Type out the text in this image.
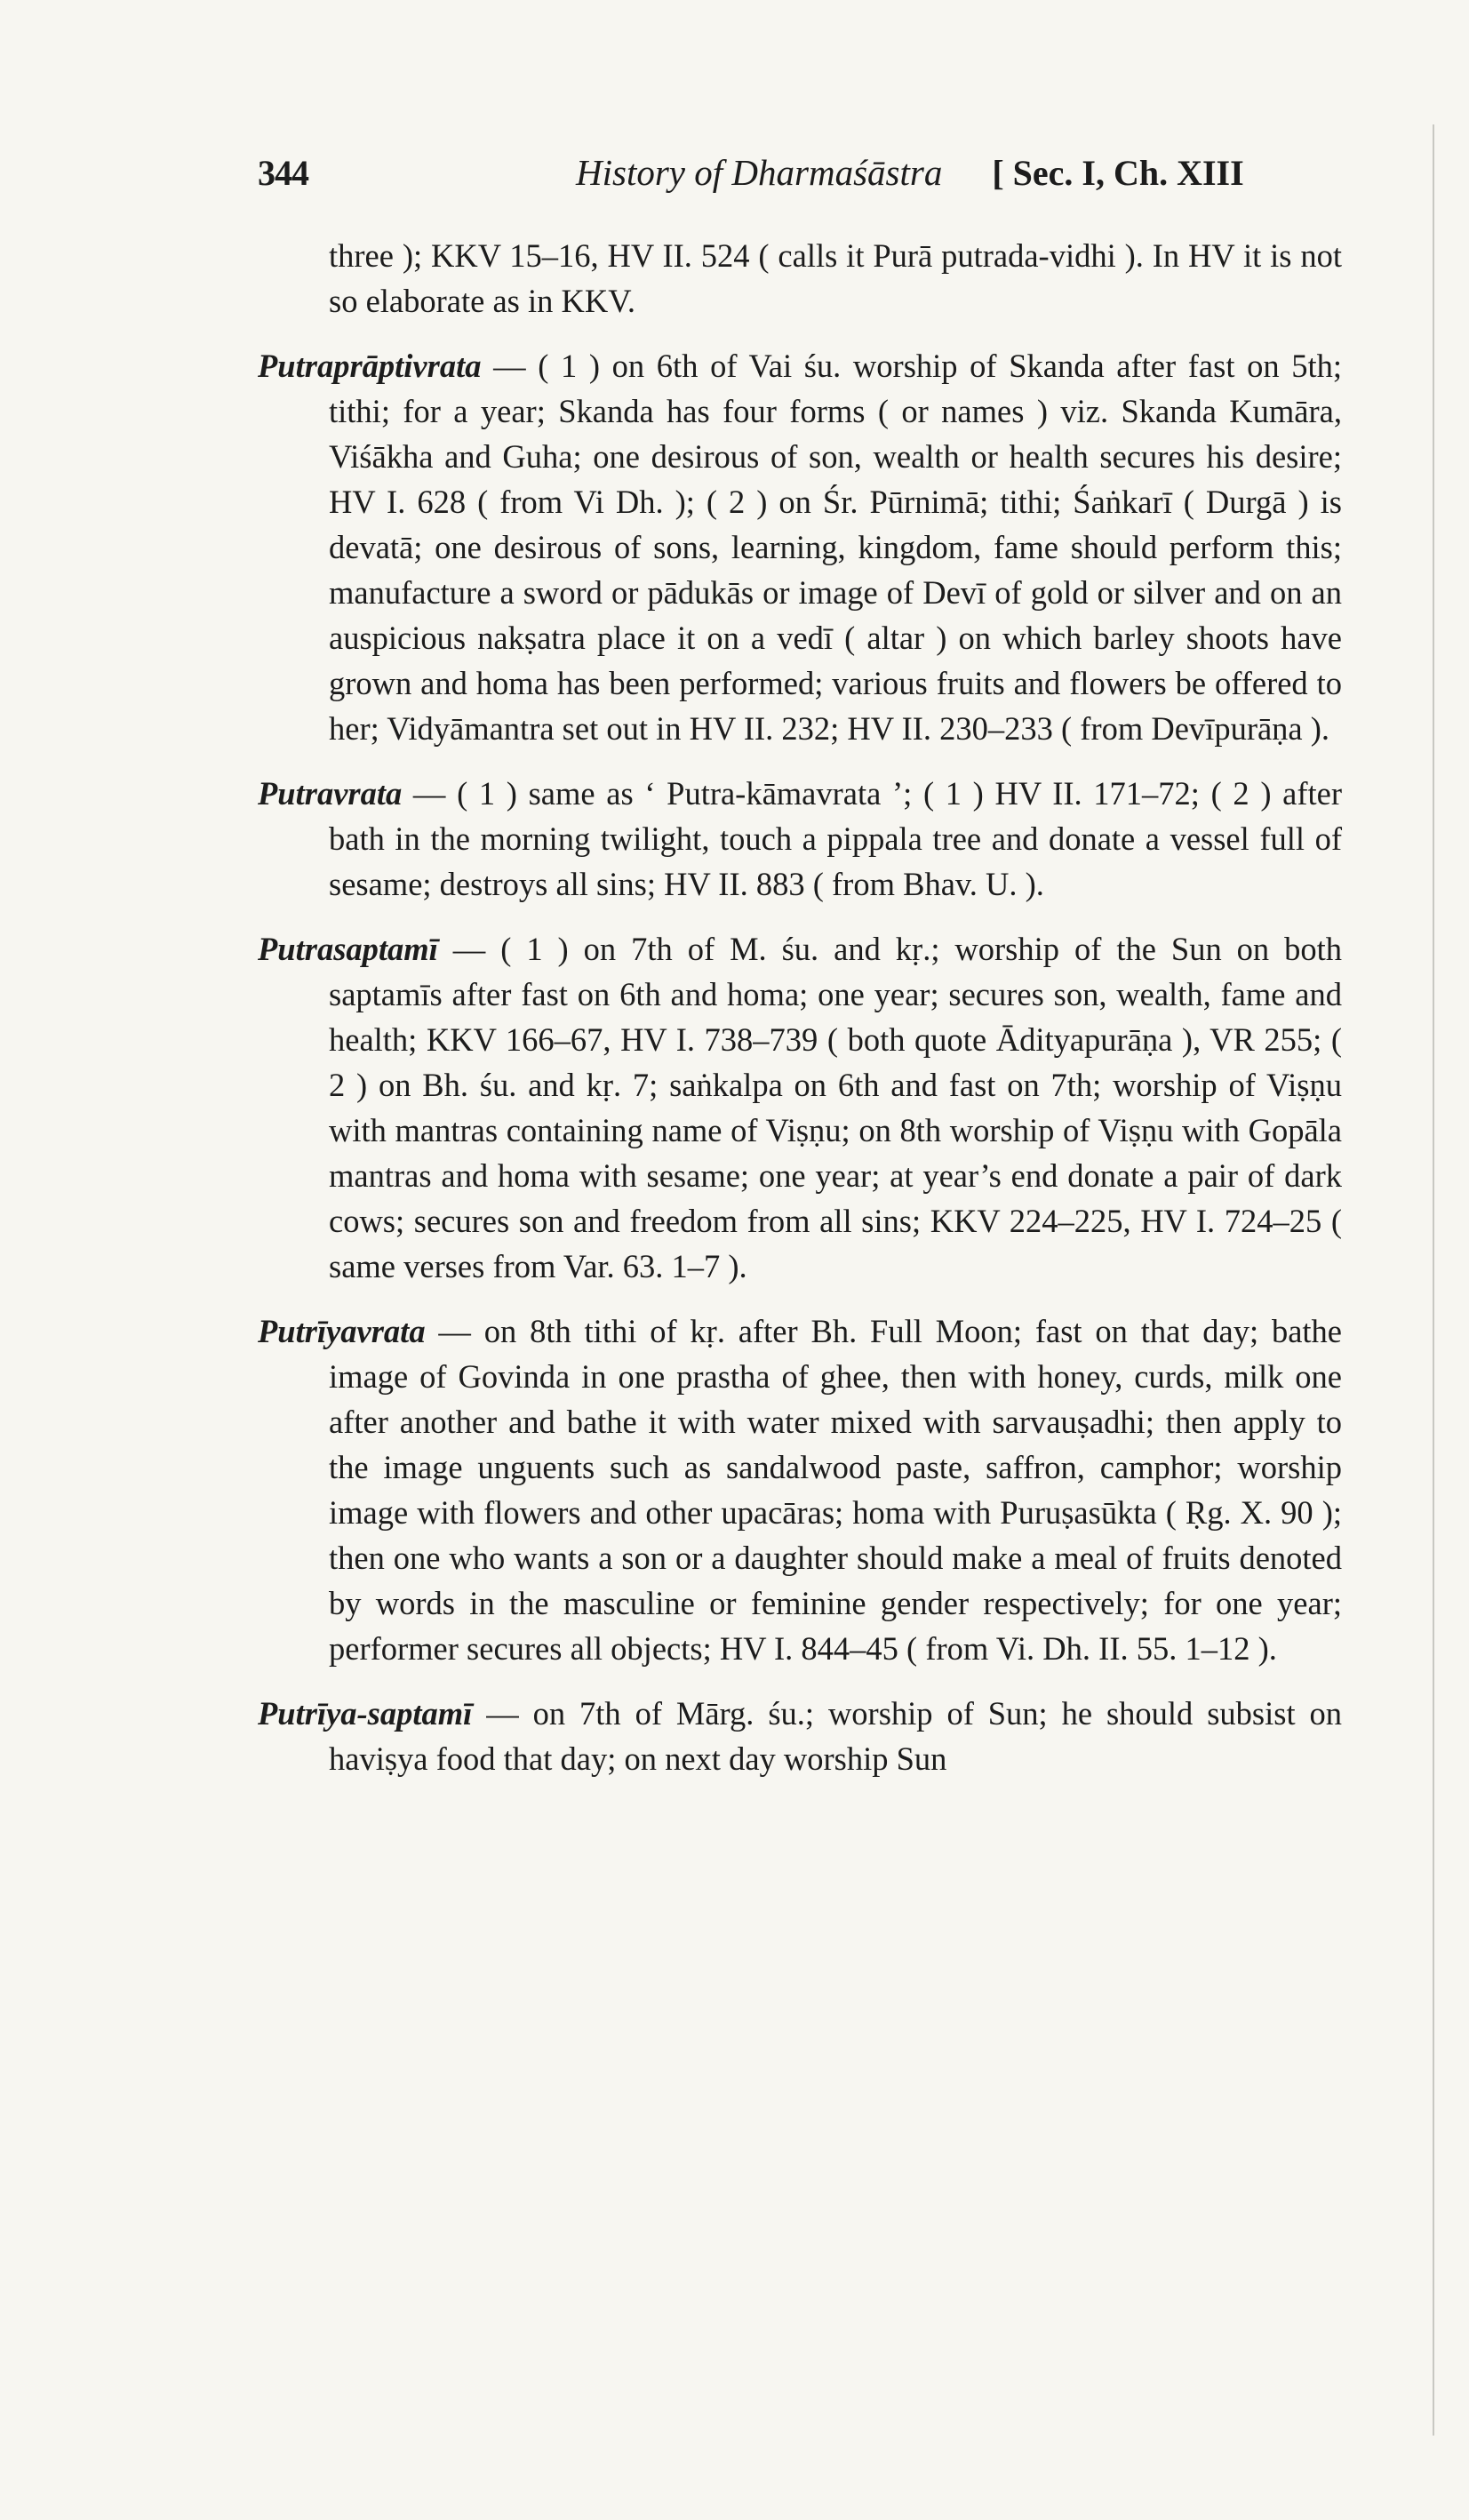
344	History of Dharmaśāstra [ Sec. I, Ch. XIII

three ); KKV 15–16, HV II. 524 ( calls it Purā putrada-vidhi ). In HV it is not so elaborate as in KKV.

Putraprāptivrata — ( 1 ) on 6th of Vai śu. worship of Skanda after fast on 5th; tithi; for a year; Skanda has four forms ( or names ) viz. Skanda Kumāra, Viśākha and Guha; one desirous of son, wealth or health secures his desire; HV I. 628 ( from Vi Dh. ); ( 2 ) on Śr. Pūrnimā; tithi; Śaṅkarī ( Durgā ) is devatā; one desirous of sons, learning, kingdom, fame should perform this; manufacture a sword or pādukās or image of Devī of gold or silver and on an auspicious nakṣatra place it on a vedī ( altar ) on which barley shoots have grown and homa has been performed; various fruits and flowers be offered to her; Vidyāmantra set out in HV II. 232; HV II. 230–233 ( from Devīpurāṇa ).

Putravrata — ( 1 ) same as ‘ Putra-kāmavrata ’; ( 1 ) HV II. 171–72; ( 2 ) after bath in the morning twilight, touch a pippala tree and donate a vessel full of sesame; destroys all sins; HV II. 883 ( from Bhav. U. ).

Putrasaptamī — ( 1 ) on 7th of M. śu. and kṛ.; worship of the Sun on both saptamīs after fast on 6th and homa; one year; secures son, wealth, fame and health; KKV 166–67, HV I. 738–739 ( both quote Ādityapurāṇa ), VR 255; ( 2 ) on Bh. śu. and kṛ. 7; saṅkalpa on 6th and fast on 7th; worship of Viṣṇu with mantras containing name of Viṣṇu; on 8th worship of Viṣṇu with Gopāla mantras and homa with sesame; one year; at year’s end donate a pair of dark cows; secures son and freedom from all sins; KKV 224–225, HV I. 724–25 ( same verses from Var. 63. 1–7 ).

Putrīyavrata — on 8th tithi of kṛ. after Bh. Full Moon; fast on that day; bathe image of Govinda in one prastha of ghee, then with honey, curds, milk one after another and bathe it with water mixed with sarvauṣadhi; then apply to the image unguents such as sandalwood paste, saffron, camphor; worship image with flowers and other upacāras; homa with Puruṣasūkta ( Ṛg. X. 90 ); then one who wants a son or a daughter should make a meal of fruits denoted by words in the masculine or feminine gender respectively; for one year; performer secures all objects; HV I. 844–45 ( from Vi. Dh. II. 55. 1–12 ).

Putrīya-saptamī — on 7th of Mārg. śu.; worship of Sun; he should subsist on haviṣya food that day; on next day worship Sun
